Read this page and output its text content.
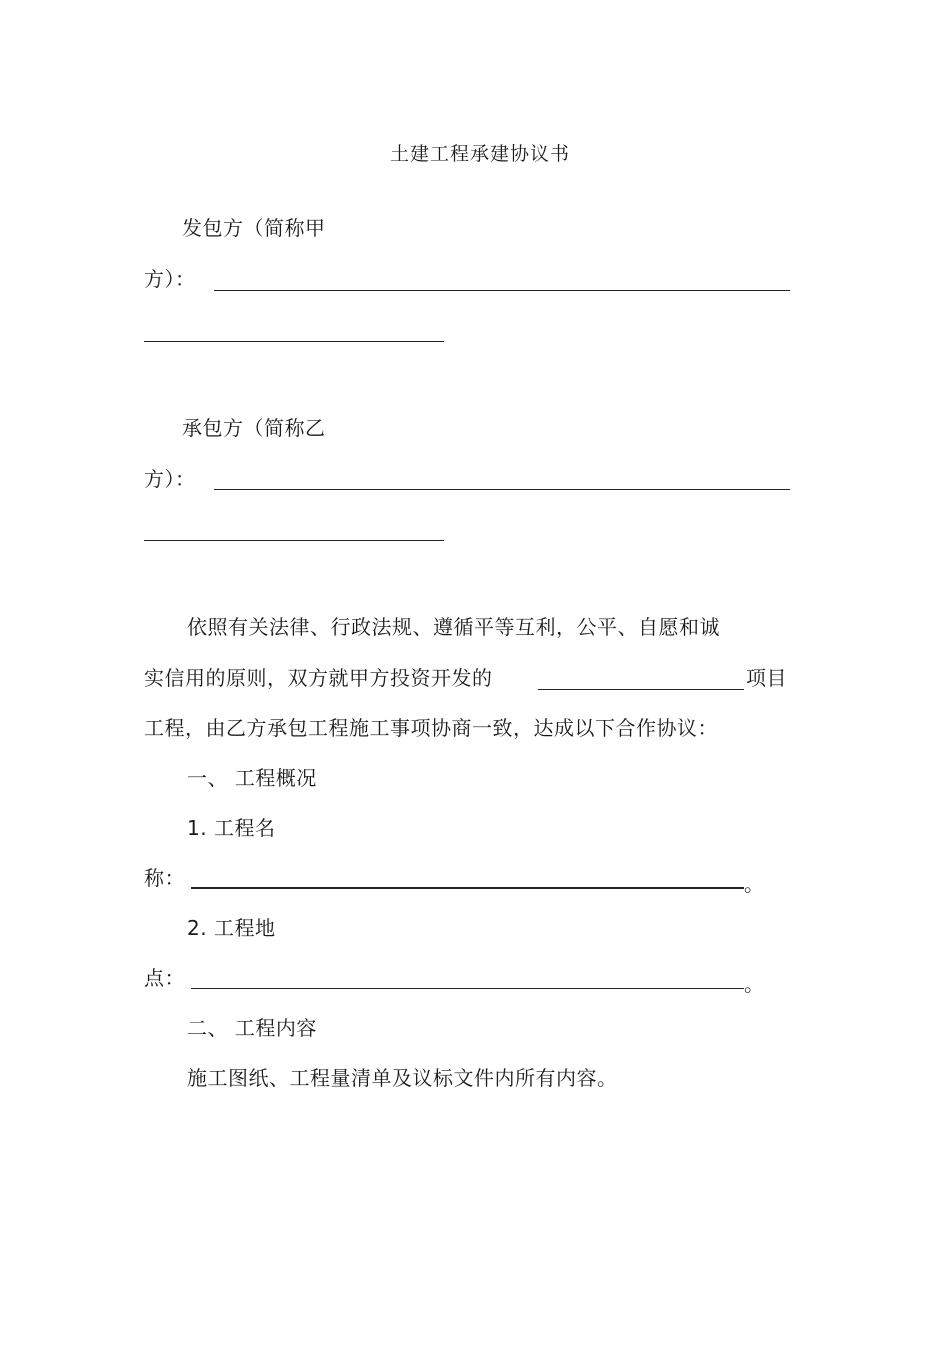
土建工程承建协议书
发包方（简称甲
方）：
承包方（简称乙
方）：
依照有关法律、行政法规、遵循平等互利，公平、自愿和诚
实信用的原则，双方就甲方投资开发的	项目
工程，由乙方承包工程施工事项协商一致，达成以下合作协议：
一、 工程概况
1. 工程名
称：	。
2. 工程地
点：	。
二、 工程内容
施工图纸、工程量清单及议标文件内所有内容。
